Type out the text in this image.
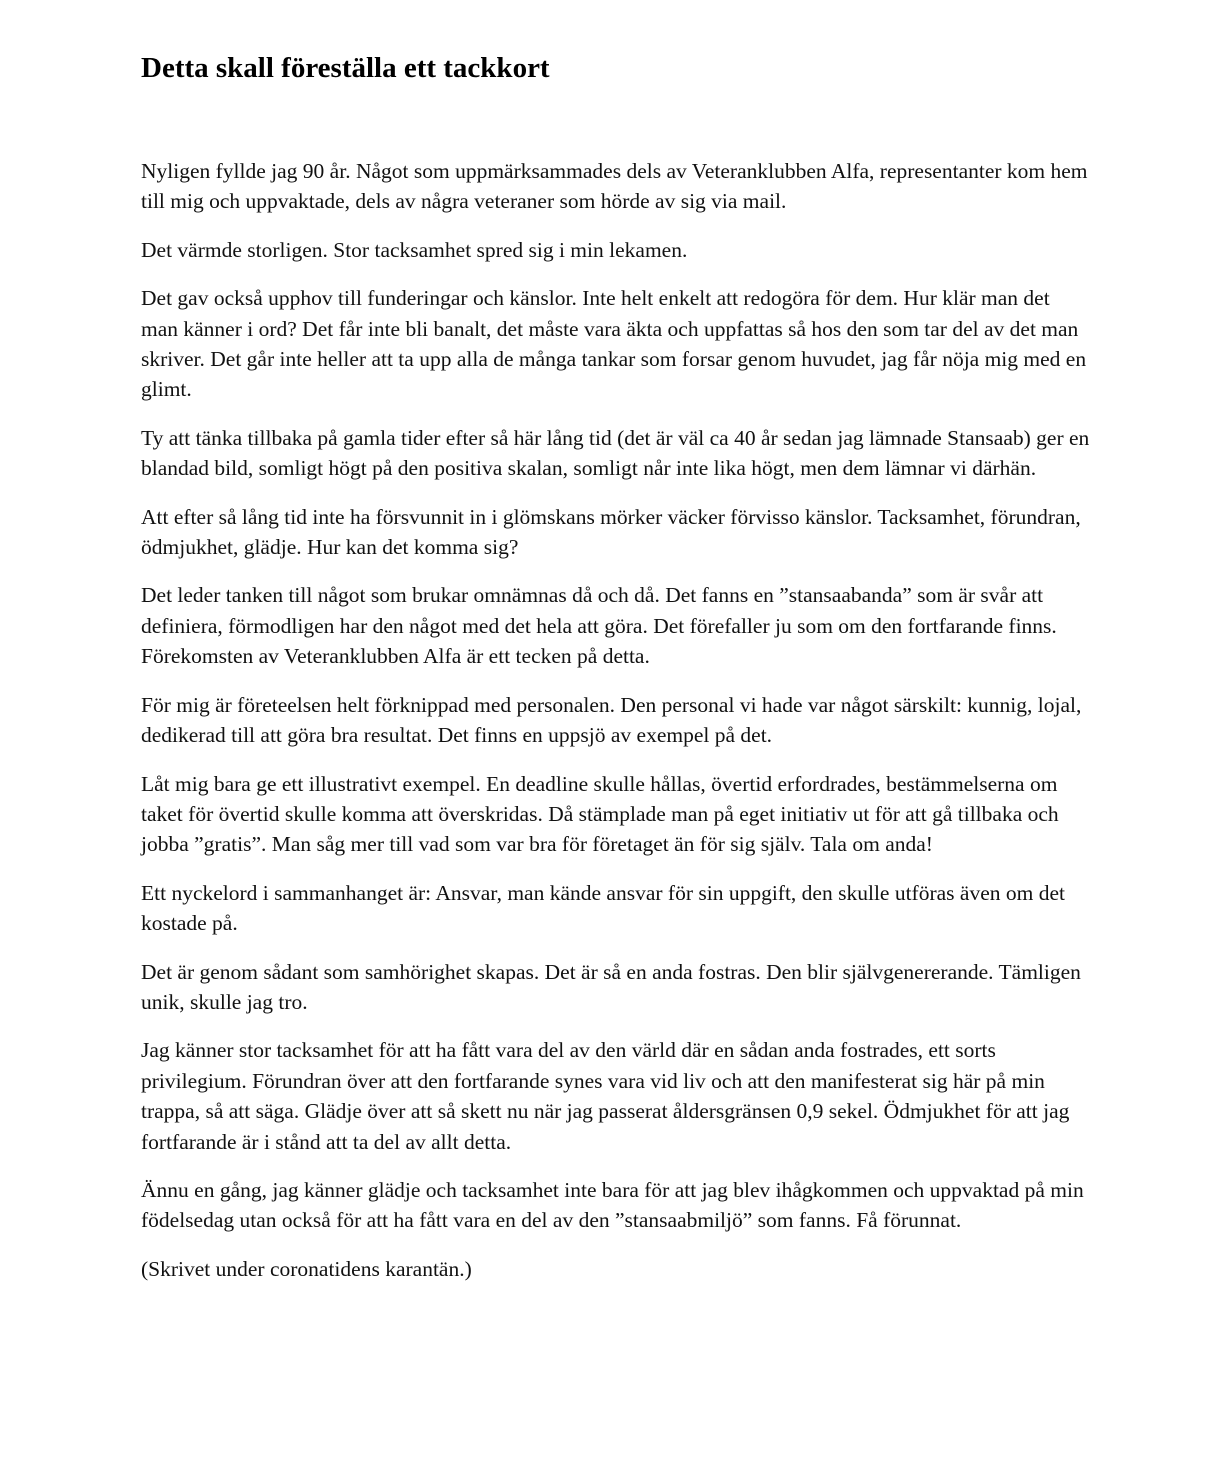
Detta skall föreställa ett tackkort

Nyligen fyllde jag 90 år. Något som uppmärksammades dels av Veteranklubben Alfa, representanter kom hem till mig och uppvaktade, dels av några veteraner som hörde av sig via mail.

Det värmde storligen. Stor tacksamhet spred sig i min lekamen.

Det gav också upphov till funderingar och känslor. Inte helt enkelt att redogöra för dem. Hur klär man det man känner i ord? Det får inte bli banalt, det måste vara äkta och uppfattas så hos den som tar del av det man skriver. Det går inte heller att ta upp alla de många tankar som forsar genom huvudet, jag får nöja mig med en glimt.

Ty att tänka tillbaka på gamla tider efter så här lång tid (det är väl ca 40 år sedan jag lämnade Stansaab) ger en blandad bild, somligt högt på den positiva skalan, somligt når inte lika högt, men dem lämnar vi därhän.

Att efter så lång tid inte ha försvunnit in i glömskans mörker väcker förvisso känslor. Tacksamhet, förundran, ödmjukhet, glädje. Hur kan det komma sig?

Det leder tanken till något som brukar omnämnas då och då. Det fanns en ”stansaabanda” som är svår att definiera, förmodligen har den något med det hela att göra. Det förefaller ju som om den fortfarande finns. Förekomsten av Veteranklubben Alfa är ett tecken på detta.

För mig är företeelsen helt förknippad med personalen. Den personal vi hade var något särskilt: kunnig, lojal, dedikerad till att göra bra resultat. Det finns en uppsjö av exempel på det.

Låt mig bara ge ett illustrativt exempel. En deadline skulle hållas, övertid erfordrades, bestämmelserna om taket för övertid skulle komma att överskridas. Då stämplade man på eget initiativ ut för att gå tillbaka och jobba ”gratis”. Man såg mer till vad som var bra för företaget än för sig själv. Tala om anda!

Ett nyckelord i sammanhanget är: Ansvar, man kände ansvar för sin uppgift, den skulle utföras även om det kostade på.

Det är genom sådant som samhörighet skapas. Det är så en anda fostras. Den blir självgenererande. Tämligen unik, skulle jag tro.

Jag känner stor tacksamhet för att ha fått vara del av den värld där en sådan anda fostrades, ett sorts privilegium. Förundran över att den fortfarande synes vara vid liv och att den manifesterat sig här på min trappa, så att säga. Glädje över att så skett nu när jag passerat åldersgränsen 0,9 sekel. Ödmjukhet för att jag fortfarande är i stånd att ta del av allt detta.

Ännu en gång, jag känner glädje och tacksamhet inte bara för att jag blev ihågkommen och uppvaktad på min födelsedag utan också för att ha fått vara en del av den ”stansaabmiljö” som fanns. Få förunnat.

(Skrivet under coronatidens karantän.)
